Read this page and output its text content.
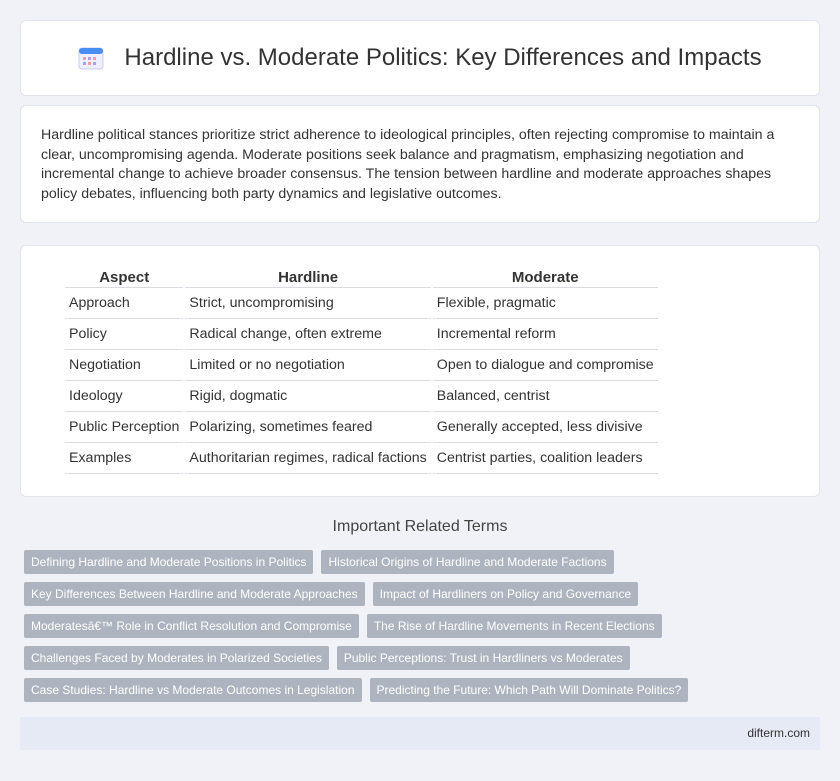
Hardline vs. Moderate Politics: Key Differences and Impacts

Hardline political stances prioritize strict adherence to ideological principles, often rejecting compromise to maintain a clear, uncompromising agenda. Moderate positions seek balance and pragmatism, emphasizing negotiation and incremental change to achieve broader consensus. The tension between hardline and moderate approaches shapes policy debates, influencing both party dynamics and legislative outcomes.

Aspect	Hardline	Moderate
Approach	Strict, uncompromising	Flexible, pragmatic
Policy	Radical change, often extreme	Incremental reform
Negotiation	Limited or no negotiation	Open to dialogue and compromise
Ideology	Rigid, dogmatic	Balanced, centrist
Public Perception	Polarizing, sometimes feared	Generally accepted, less divisive
Examples	Authoritarian regimes, radical factions	Centrist parties, coalition leaders
Important Related Terms
Defining Hardline and Moderate Positions in Politics	Historical Origins of Hardline and Moderate Factions
Key Differences Between Hardline and Moderate Approaches	Impact of Hardliners on Policy and Governance
Moderatesâ€™ Role in Conflict Resolution and Compromise	The Rise of Hardline Movements in Recent Elections
Challenges Faced by Moderates in Polarized Societies	Public Perceptions: Trust in Hardliners vs Moderates
Case Studies: Hardline vs Moderate Outcomes in Legislation	Predicting the Future: Which Path Will Dominate Politics?
difterm.com
